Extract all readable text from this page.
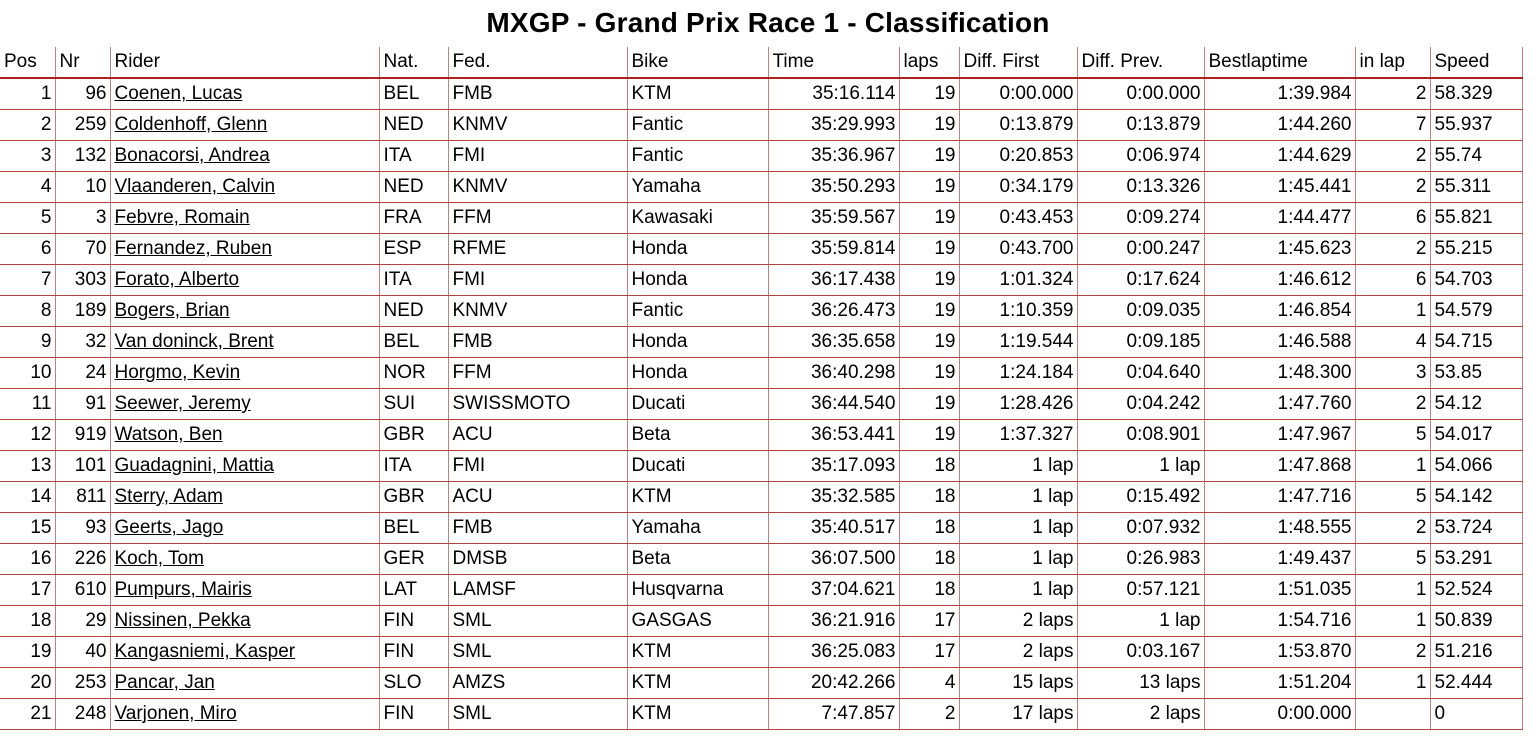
MXGP - Grand Prix Race 1 - Classification
Pos	Nr	Rider	Nat.	Fed.	Bike	Time	laps	Diff. First	Diff. Prev.	Bestlaptime	in lap	Speed
1	96	Coenen, Lucas	BEL	FMB	KTM	35:16.114	19	0:00.000	0:00.000	1:39.984	2	58.329
2	259	Coldenhoff, Glenn	NED	KNMV	Fantic	35:29.993	19	0:13.879	0:13.879	1:44.260	7	55.937
3	132	Bonacorsi, Andrea	ITA	FMI	Fantic	35:36.967	19	0:20.853	0:06.974	1:44.629	2	55.74
4	10	Vlaanderen, Calvin	NED	KNMV	Yamaha	35:50.293	19	0:34.179	0:13.326	1:45.441	2	55.311
5	3	Febvre, Romain	FRA	FFM	Kawasaki	35:59.567	19	0:43.453	0:09.274	1:44.477	6	55.821
6	70	Fernandez, Ruben	ESP	RFME	Honda	35:59.814	19	0:43.700	0:00.247	1:45.623	2	55.215
7	303	Forato, Alberto	ITA	FMI	Honda	36:17.438	19	1:01.324	0:17.624	1:46.612	6	54.703
8	189	Bogers, Brian	NED	KNMV	Fantic	36:26.473	19	1:10.359	0:09.035	1:46.854	1	54.579
9	32	Van doninck, Brent	BEL	FMB	Honda	36:35.658	19	1:19.544	0:09.185	1:46.588	4	54.715
10	24	Horgmo, Kevin	NOR	FFM	Honda	36:40.298	19	1:24.184	0:04.640	1:48.300	3	53.85
11	91	Seewer, Jeremy	SUI	SWISSMOTO	Ducati	36:44.540	19	1:28.426	0:04.242	1:47.760	2	54.12
12	919	Watson, Ben	GBR	ACU	Beta	36:53.441	19	1:37.327	0:08.901	1:47.967	5	54.017
13	101	Guadagnini, Mattia	ITA	FMI	Ducati	35:17.093	18	1 lap	1 lap	1:47.868	1	54.066
14	811	Sterry, Adam	GBR	ACU	KTM	35:32.585	18	1 lap	0:15.492	1:47.716	5	54.142
15	93	Geerts, Jago	BEL	FMB	Yamaha	35:40.517	18	1 lap	0:07.932	1:48.555	2	53.724
16	226	Koch, Tom	GER	DMSB	Beta	36:07.500	18	1 lap	0:26.983	1:49.437	5	53.291
17	610	Pumpurs, Mairis	LAT	LAMSF	Husqvarna	37:04.621	18	1 lap	0:57.121	1:51.035	1	52.524
18	29	Nissinen, Pekka	FIN	SML	GASGAS	36:21.916	17	2 laps	1 lap	1:54.716	1	50.839
19	40	Kangasniemi, Kasper	FIN	SML	KTM	36:25.083	17	2 laps	0:03.167	1:53.870	2	51.216
20	253	Pancar, Jan	SLO	AMZS	KTM	20:42.266	4	15 laps	13 laps	1:51.204	1	52.444
21	248	Varjonen, Miro	FIN	SML	KTM	7:47.857	2	17 laps	2 laps	0:00.000		0
